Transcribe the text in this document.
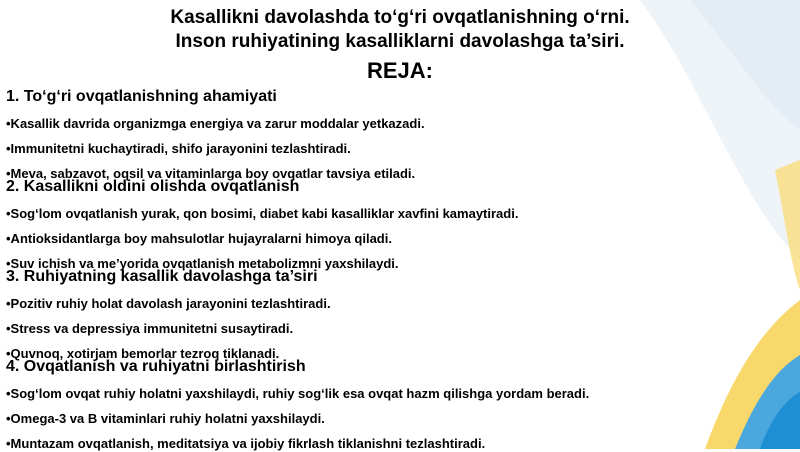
Kasallikni davolashda to‘g‘ri ovqatlanishning o‘rni.
Inson ruhiyatining kasalliklarni davolashga ta’siri.
REJA:
1. To‘g‘ri ovqatlanishning ahamiyati
•Kasallik davrida organizmga energiya va zarur moddalar yetkazadi.
•Immunitetni kuchaytiradi, shifo jarayonini tezlashtiradi.
•Meva, sabzavot, oqsil va vitaminlarga boy ovqatlar tavsiya etiladi.
2. Kasallikni oldini olishda ovqatlanish
•Sog‘lom ovqatlanish yurak, qon bosimi, diabet kabi kasalliklar xavfini kamaytiradi.
•Antioksidantlarga boy mahsulotlar hujayralarni himoya qiladi.
•Suv ichish va me’yorida ovqatlanish metabolizmni yaxshilaydi.
3. Ruhiyatning kasallik davolashga ta’siri
•Pozitiv ruhiy holat davolash jarayonini tezlashtiradi.
•Stress va depressiya immunitetni susaytiradi.
•Quvnoq, xotirjam bemorlar tezroq tiklanadi.
4. Ovqatlanish va ruhiyatni birlashtirish
•Sog‘lom ovqat ruhiy holatni yaxshilaydi, ruhiy sog‘lik esa ovqat hazm qilishga yordam beradi.
•Omega-3 va B vitaminlari ruhiy holatni yaxshilaydi.
•Muntazam ovqatlanish, meditatsiya va ijobiy fikrlash tiklanishni tezlashtiradi.
